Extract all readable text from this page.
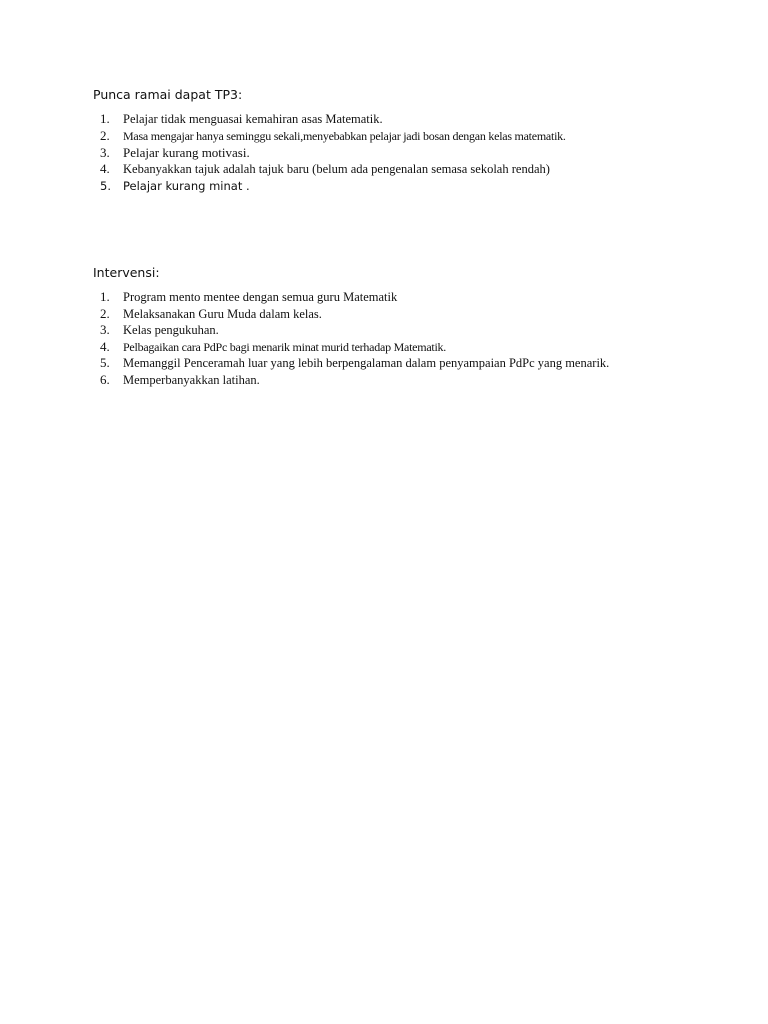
Punca ramai dapat TP3:
1.	Pelajar tidak menguasai kemahiran asas Matematik.
2.	Masa mengajar hanya seminggu sekali,menyebabkan pelajar jadi bosan dengan kelas matematik.
3.	Pelajar kurang motivasi.
4.	Kebanyakkan tajuk adalah tajuk baru (belum ada pengenalan semasa sekolah rendah)
5.	Pelajar kurang minat .
Intervensi:
1.	Program mento mentee dengan semua guru Matematik
2.	Melaksanakan Guru Muda dalam kelas.
3.	Kelas pengukuhan.
4.	Pelbagaikan cara PdPc bagi menarik minat murid terhadap Matematik.
5.	Memanggil Penceramah luar yang lebih berpengalaman dalam penyampaian PdPc yang menarik.
6.	Memperbanyakkan latihan.
